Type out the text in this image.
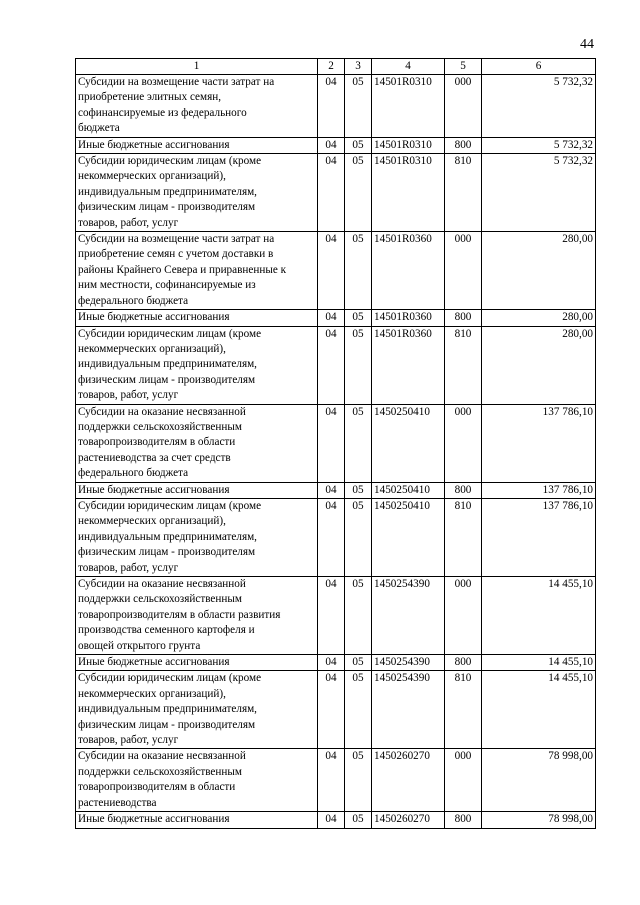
44
1	2	3	4	5	6
Субсидии на возмещение части затрат на
приобретение элитных семян,
софинансируемые из федерального
бюджета	04	05	14501R0310	000	5 732,32
Иные бюджетные ассигнования	04	05	14501R0310	800	5 732,32
Субсидии юридическим лицам (кроме
некоммерческих организаций),
индивидуальным предпринимателям,
физическим лицам - производителям
товаров, работ, услуг	04	05	14501R0310	810	5 732,32
Субсидии на возмещение части затрат на
приобретение семян с учетом доставки в
районы Крайнего Севера и приравненные к
ним местности, софинансируемые из
федерального бюджета	04	05	14501R0360	000	280,00
Иные бюджетные ассигнования	04	05	14501R0360	800	280,00
Субсидии юридическим лицам (кроме
некоммерческих организаций),
индивидуальным предпринимателям,
физическим лицам - производителям
товаров, работ, услуг	04	05	14501R0360	810	280,00
Субсидии на оказание несвязанной
поддержки сельскохозяйственным
товаропроизводителям в области
растениеводства за счет средств
федерального бюджета	04	05	1450250410	000	137 786,10
Иные бюджетные ассигнования	04	05	1450250410	800	137 786,10
Субсидии юридическим лицам (кроме
некоммерческих организаций),
индивидуальным предпринимателям,
физическим лицам - производителям
товаров, работ, услуг	04	05	1450250410	810	137 786,10
Субсидии на оказание несвязанной
поддержки сельскохозяйственным
товаропроизводителям в области развития
производства семенного картофеля и
овощей открытого грунта	04	05	1450254390	000	14 455,10
Иные бюджетные ассигнования	04	05	1450254390	800	14 455,10
Субсидии юридическим лицам (кроме
некоммерческих организаций),
индивидуальным предпринимателям,
физическим лицам - производителям
товаров, работ, услуг	04	05	1450254390	810	14 455,10
Субсидии на оказание несвязанной
поддержки сельскохозяйственным
товаропроизводителям в области
растениеводства	04	05	1450260270	000	78 998,00
Иные бюджетные ассигнования	04	05	1450260270	800	78 998,00
